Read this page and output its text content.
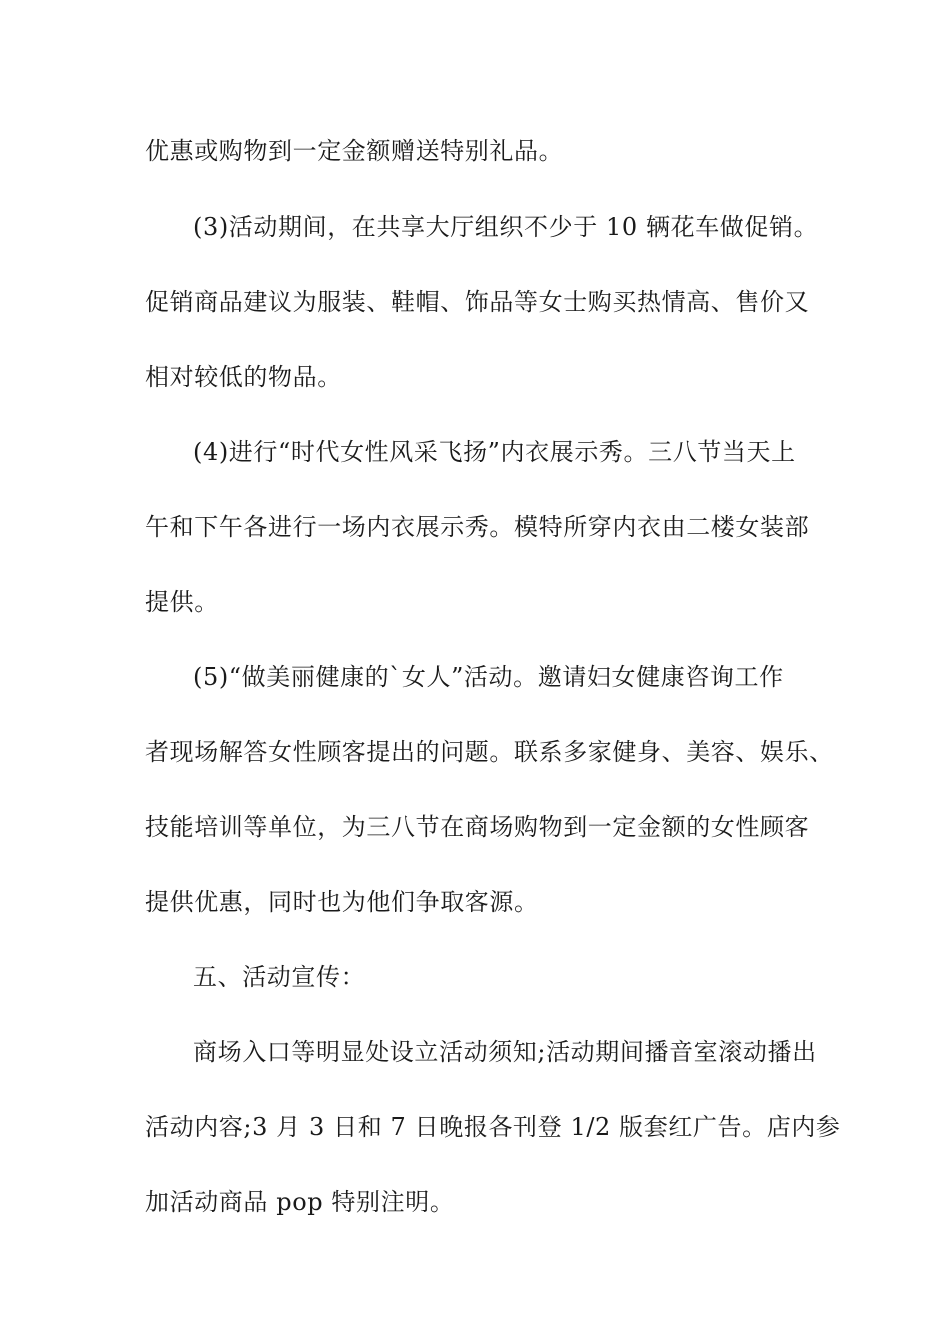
优惠或购物到一定金额赠送特别礼品。
(3)活动期间，在共享大厅组织不少于 10 辆花车做促销。
促销商品建议为服装、鞋帽、饰品等女士购买热情高、售价又
相对较低的物品。
(4)进行“时代女性风采飞扬”内衣展示秀。三八节当天上
午和下午各进行一场内衣展示秀。模特所穿内衣由二楼女装部
提供。
(5)“做美丽健康的`女人”活动。邀请妇女健康咨询工作
者现场解答女性顾客提出的问题。联系多家健身、美容、娱乐、
技能培训等单位，为三八节在商场购物到一定金额的女性顾客
提供优惠，同时也为他们争取客源。
五、活动宣传：
商场入口等明显处设立活动须知;活动期间播音室滚动播出
活动内容;3 月 3 日和 7 日晚报各刊登 1/2 版套红广告。店内参
加活动商品 pop 特别注明。
